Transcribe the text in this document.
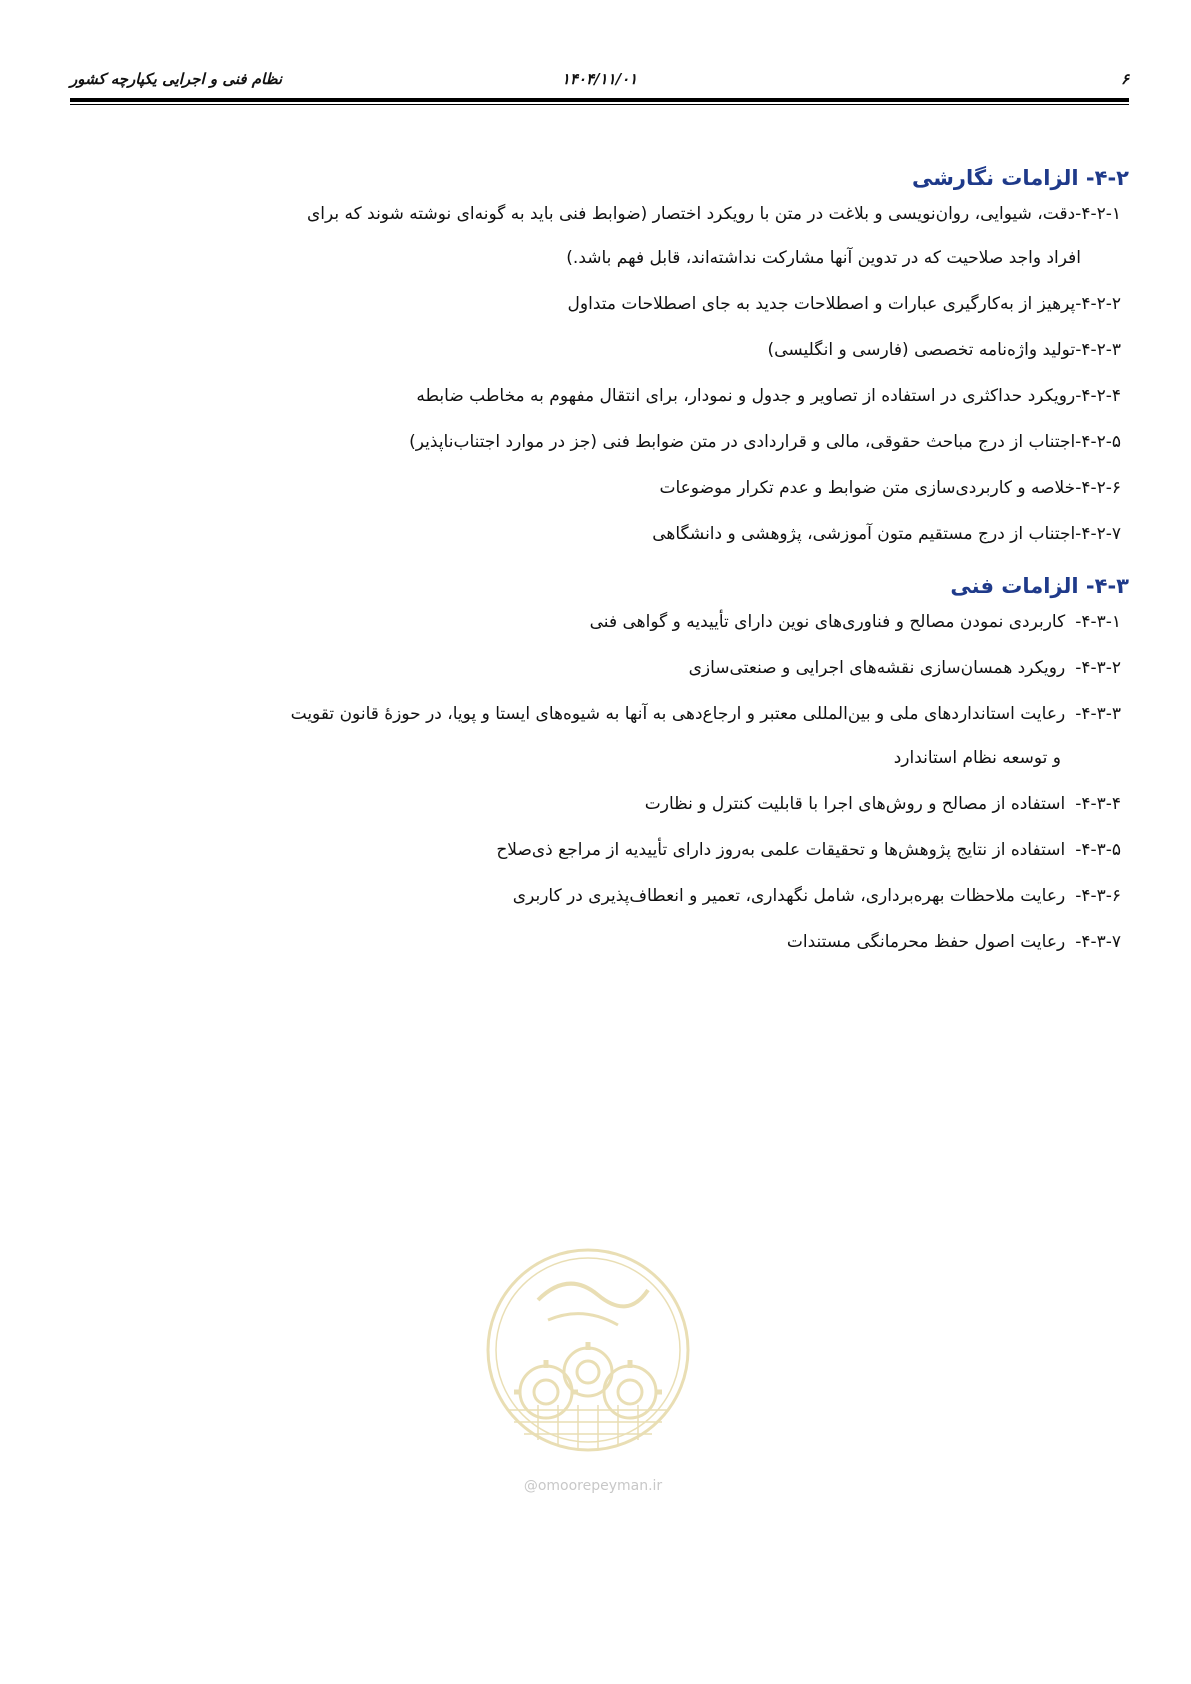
۶
۱۴۰۴/۱۱/۰۱
نظام فنی و اجرایی یکپارچه کشور
۴-۲- الزامات نگارشی
۴-۲-۱-دقت، شیوایی، روان‌نویسی و بلاغت در متن با رویکرد اختصار (ضوابط فنی باید به گونه‌ای نوشته شوند که برای
افراد واجد صلاحیت که در تدوین آنها مشارکت نداشته‌اند، قابل فهم باشد.)
۴-۲-۲-پرهیز از به‌کارگیری عبارات و اصطلاحات جدید به جای اصطلاحات متداول
۴-۲-۳-تولید واژه‌نامه تخصصی (فارسی و انگلیسی)
۴-۲-۴-رویکرد حداکثری در استفاده از تصاویر و جدول و نمودار، برای انتقال مفهوم به مخاطب ضابطه
۴-۲-۵-اجتناب از درج مباحث حقوقی، مالی و قراردادی در متن ضوابط فنی (جز در موارد اجتناب‌ناپذیر)
۴-۲-۶-خلاصه و کاربردی‌سازی متن ضوابط و عدم تکرار موضوعات
۴-۲-۷-اجتناب از درج مستقیم متون آموزشی، پژوهشی و دانشگاهی
۴-۳- الزامات فنی
۴-۳-۱-کاربردی نمودن مصالح و فناوری‌های نوین دارای تأییدیه و گواهی فنی
۴-۳-۲-رویکرد همسان‌سازی نقشه‌های اجرایی و صنعتی‌سازی
۴-۳-۳-رعایت استانداردهای ملی و بین‌المللی معتبر و ارجاع‌دهی به آنها به شیوه‌های ایستا و پویا، در حوزۀ قانون تقویت
و توسعه نظام استاندارد
۴-۳-۴-استفاده از مصالح و روش‌های اجرا با قابلیت کنترل و نظارت
۴-۳-۵-استفاده از نتایج پژوهش‌ها و تحقیقات علمی به‌روز دارای تأییدیه از مراجع ذی‌صلاح
۴-۳-۶-رعایت ملاحظات بهره‌برداری، شامل نگهداری، تعمیر و انعطاف‌پذیری در کاربری
۴-۳-۷-رعایت اصول حفظ محرمانگی مستندات
@omoorepeyman.ir
